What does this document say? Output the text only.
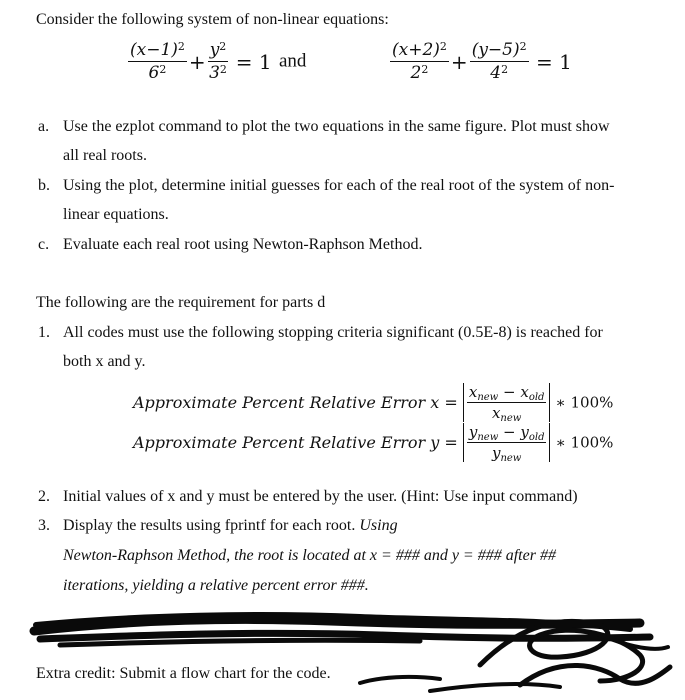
Consider the following system of non-linear equations:
$\frac{(x-1)^2}{6^2} + \frac{y^2}{3^2} = 1$ and	$\frac{(x+2)^2}{2^2} + \frac{(y-5)^2}{4^2} = 1$
a. Use the ezplot command to plot the two equations in the same figure. Plot must show
all real roots.
b. Using the plot, determine initial guesses for each of the real root of the system of non-
linear equations.
c. Evaluate each real root using Newton-Raphson Method.
The following are the requirement for parts d
1. All codes must use the following stopping criteria significant (0.5E-8) is reached for
both x and y.
Approximate Percent Relative Error $x = \frac{x_{new} - x_{old}}{x_{new}}$ ∗ 100%
Approximate Percent Relative Error $y = \frac{y_{new} - y_{old}}{y_{new}}$ ∗ 100%
2. Initial values of x and y must be entered by the user. (Hint: Use input command)
3. Display the results using fprintf for each root. Using
Newton-Raphson Method, the root is located at x = ### and y = ### after ##
iterations, yielding a relative percent error ###.
Extra credit: Submit a flow chart for the code.
